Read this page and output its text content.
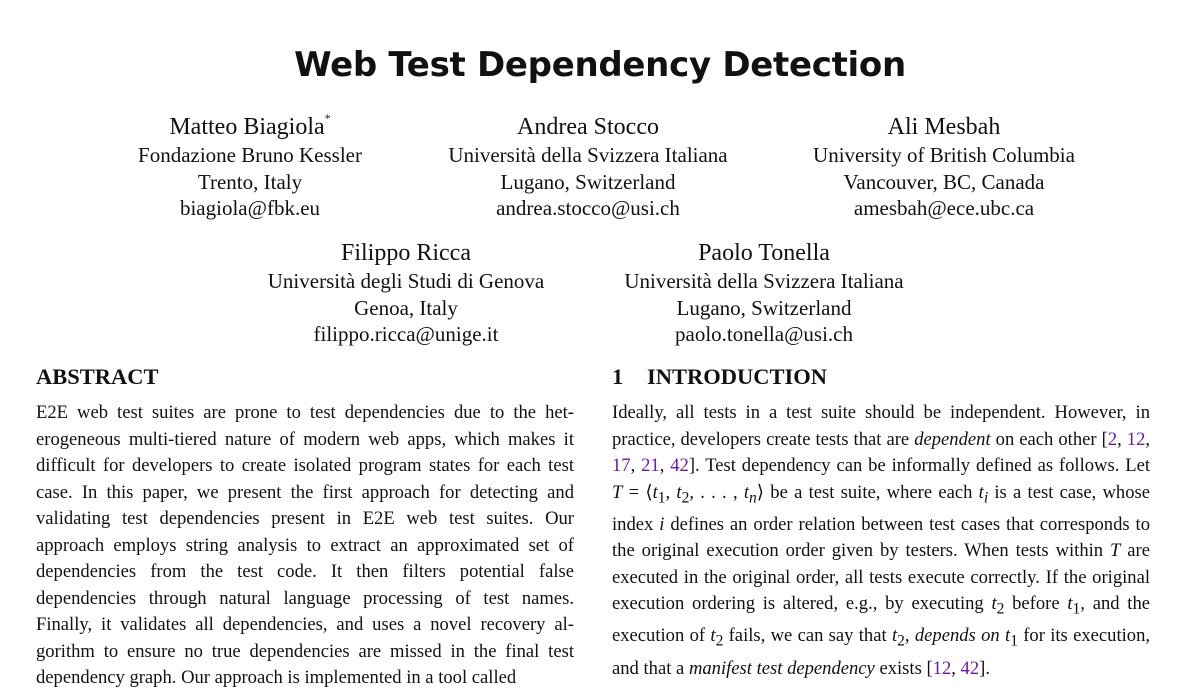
Web Test Dependency Detection
Matteo Biagiola*
Fondazione Bruno Kessler
Trento, Italy
biagiola@fbk.eu
Andrea Stocco
Università della Svizzera Italiana
Lugano, Switzerland
andrea.stocco@usi.ch
Ali Mesbah
University of British Columbia
Vancouver, BC, Canada
amesbah@ece.ubc.ca
Filippo Ricca
Università degli Studi di Genova
Genoa, Italy
filippo.ricca@unige.it
Paolo Tonella
Università della Svizzera Italiana
Lugano, Switzerland
paolo.tonella@usi.ch
ABSTRACT

E2E web test suites are prone to test dependencies due to the heterogeneous multi-tiered nature of modern web apps, which makes it difficult for developers to create isolated program states for each test case. In this paper, we present the first approach for detecting and validating test dependencies present in E2E web test suites. Our approach employs string analysis to extract an approximated set of dependencies from the test code. It then filters potential false dependencies through natural language processing of test names. Finally, it validates all dependencies, and uses a novel recovery algorithm to ensure no true dependencies are missed in the final test dependency graph. Our approach is implemented in a tool called

1 INTRODUCTION

Ideally, all tests in a test suite should be independent. However, in practice, developers create tests that are dependent on each other [2, 12, 17, 21, 42]. Test dependency can be informally defined as follows. Let $T = ⟨t_1$, $t_2$, . . . , $t_n⟩$ be a test suite, where each $t_i$ is a test case, whose index i defines an order relation between test cases that corresponds to the original execution order given by testers. When tests within T are executed in the original order, all tests execute correctly. If the original execution ordering is altered, e.g., by executing $t_2$ before $t_1$, and the execution of $t_2$ fails, we can say that $t_2$, depends on $t_1$ for its execution, and that a manifest test dependency exists [12, 42].
